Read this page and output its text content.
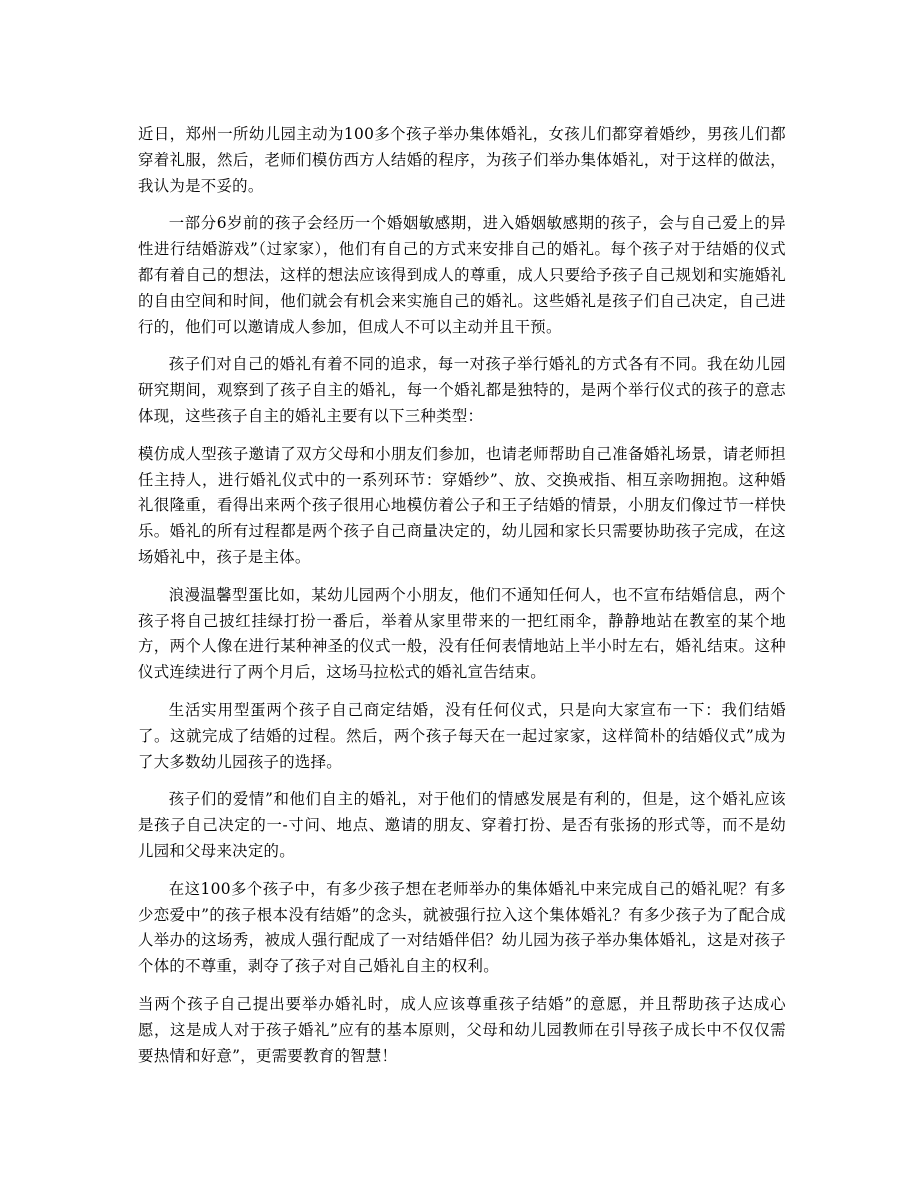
近日，郑州一所幼儿园主动为100多个孩子举办集体婚礼，女孩儿们都穿着婚纱，男孩儿们都穿着礼服，然后，老师们模仿西方人结婚的程序，为孩子们举办集体婚礼，对于这样的做法，我认为是不妥的。

一部分6岁前的孩子会经历一个婚姻敏感期，进入婚姻敏感期的孩子，会与自己爱上的异性进行结婚游戏”（过家家），他们有自己的方式来安排自己的婚礼。每个孩子对于结婚的仪式都有着自己的想法，这样的想法应该得到成人的尊重，成人只要给予孩子自己规划和实施婚礼的自由空间和时间，他们就会有机会来实施自己的婚礼。这些婚礼是孩子们自己决定，自己进行的，他们可以邀请成人参加，但成人不可以主动并且干预。

孩子们对自己的婚礼有着不同的追求，每一对孩子举行婚礼的方式各有不同。我在幼儿园研究期间，观察到了孩子自主的婚礼，每一个婚礼都是独特的，是两个举行仪式的孩子的意志体现，这些孩子自主的婚礼主要有以下三种类型：

模仿成人型孩子邀请了双方父母和小朋友们参加，也请老师帮助自己准备婚礼场景，请老师担任主持人，进行婚礼仪式中的一系列环节：穿婚纱”、放、交换戒指、相互亲吻拥抱。这种婚礼很隆重，看得出来两个孩子很用心地模仿着公子和王子结婚的情景，小朋友们像过节一样快乐。婚礼的所有过程都是两个孩子自己商量决定的，幼儿园和家长只需要协助孩子完成，在这场婚礼中，孩子是主体。

浪漫温馨型蛋比如，某幼儿园两个小朋友，他们不通知任何人，也不宣布结婚信息，两个孩子将自己披红挂绿打扮一番后，举着从家里带来的一把红雨伞，静静地站在教室的某个地方，两个人像在进行某种神圣的仪式一般，没有任何表情地站上半小时左右，婚礼结束。这种仪式连续进行了两个月后，这场马拉松式的婚礼宣告结束。

生活实用型蛋两个孩子自己商定结婚，没有任何仪式，只是向大家宣布一下：我们结婚了。这就完成了结婚的过程。然后，两个孩子每天在一起过家家，这样简朴的结婚仪式”成为了大多数幼儿园孩子的选择。

孩子们的爱情”和他们自主的婚礼，对于他们的情感发展是有利的，但是，这个婚礼应该是孩子自己决定的一-寸问、地点、邀请的朋友、穿着打扮、是否有张扬的形式等，而不是幼儿园和父母来决定的。

在这100多个孩子中，有多少孩子想在老师举办的集体婚礼中来完成自己的婚礼呢？有多少恋爱中”的孩子根本没有结婚”的念头，就被强行拉入这个集体婚礼？有多少孩子为了配合成人举办的这场秀，被成人强行配成了一对结婚伴侣？幼儿园为孩子举办集体婚礼，这是对孩子个体的不尊重，剥夺了孩子对自己婚礼自主的权利。

当两个孩子自己提出要举办婚礼时，成人应该尊重孩子结婚”的意愿，并且帮助孩子达成心愿，这是成人对于孩子婚礼”应有的基本原则，父母和幼儿园教师在引导孩子成长中不仅仅需要热情和好意”，更需要教育的智慧！
